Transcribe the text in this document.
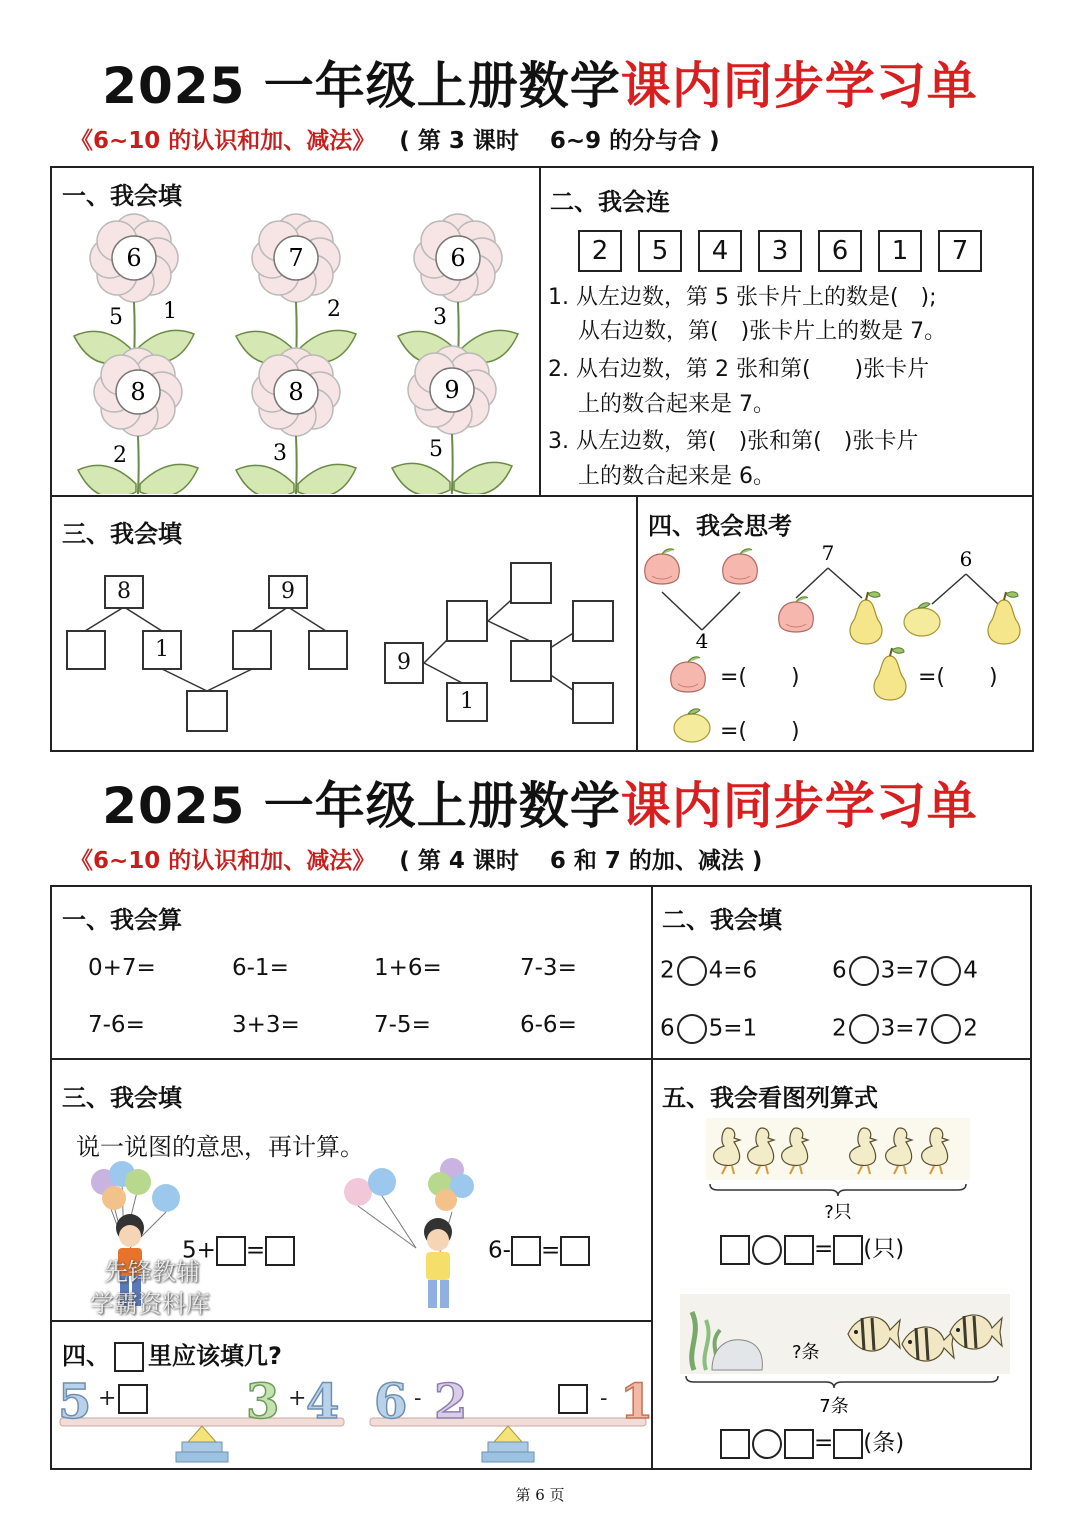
2025 一年级上册数学课内同步学习单
《6~10 的认识和加、减法》 ( 第 3 课时　 6~9 的分与合 )
一、我会填
6
5 1
7
2
6
3
8
2
8
3
9
5
二、我会连
2	5	4	3	6	1	7
1. 从左边数，第 5 张卡片上的数是(　);
从右边数，第(　)张卡片上的数是 7。
2. 从右边数，第 2 张和第(　　)张卡片
上的数合起来是 7。
3. 从左边数，第(　)张和第(　)张卡片
上的数合起来是 6。
三、我会填
8	9
1
9
1
四、我会思考
4
7	6
=(　　)	=(　　)
=(　　)
2025 一年级上册数学课内同步学习单
《6~10 的认识和加、减法》 ( 第 4 课时　 6 和 7 的加、减法 )
一、我会算
0+7=	6-1=	1+6=	7-3=
7-6=	3+3=	7-5=	6-6=
二、我会填
2 4=6	6 3=7 4
6 5=1	2 3=7 2
三、我会填
说一说图的意思，再计算。
5+ =	6- =
先锋教辅
学霸资料库
四、 里应该填几?
5 +	3 + 4 6 - 2	- 1
五、我会看图列算式
?只
= (只)
?条
7条
= (条)
第 6 页
